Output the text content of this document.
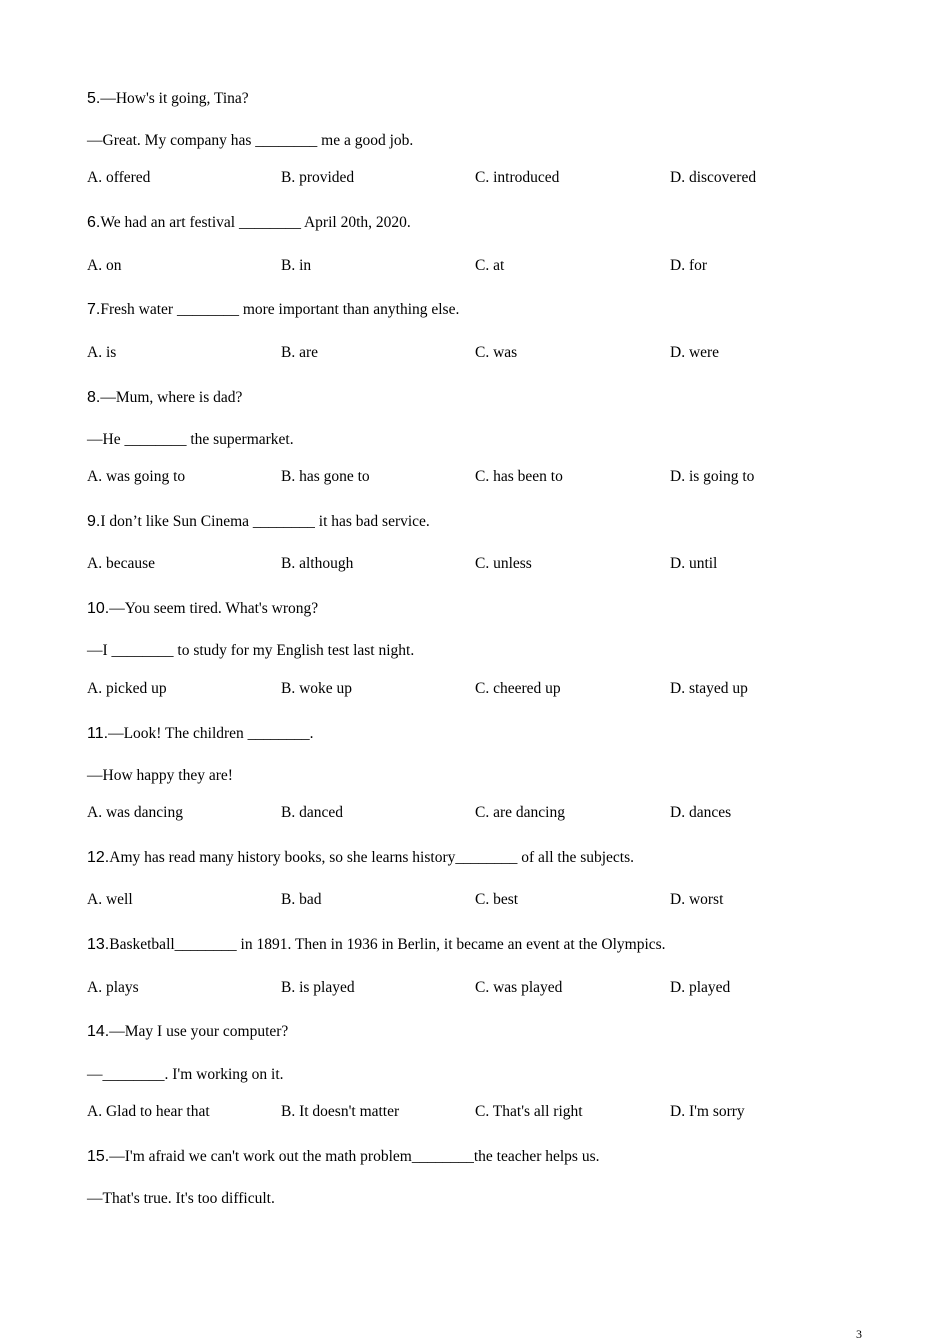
5.—How's it going, Tina?
—Great. My company has ________ me a good job.
A. offered	B. provided	C. introduced	D. discovered
6.We had an art festival ________ April 20th, 2020.
A. on	B. in	C. at	D. for
7.Fresh water ________ more important than anything else.
A. is	B. are	C. was	D. were
8.—Mum, where is dad?
—He ________ the supermarket.
A. was going to	B. has gone to	C. has been to	D. is going to
9.I don’t like Sun Cinema ________ it has bad service.
A. because	B. although	C. unless	D. until
10.—You seem tired. What's wrong?
—I ________ to study for my English test last night.
A. picked up	B. woke up	C. cheered up	D. stayed up
11.—Look! The children ________.
—How happy they are!
A. was dancing	B. danced	C. are dancing	D. dances
12.Amy has read many history books, so she learns history________ of all the subjects.
A. well	B. bad	C. best	D. worst
13.Basketball________ in 1891. Then in 1936 in Berlin, it became an event at the Olympics.
A. plays	B. is played	C. was played	D. played
14.—May I use your computer?
—________. I'm working on it.
A. Glad to hear that	B. It doesn't matter	C. That's all right	D. I'm sorry
15.—I'm afraid we can't work out the math problem________the teacher helps us.
—That's true. It's too difficult.
3
